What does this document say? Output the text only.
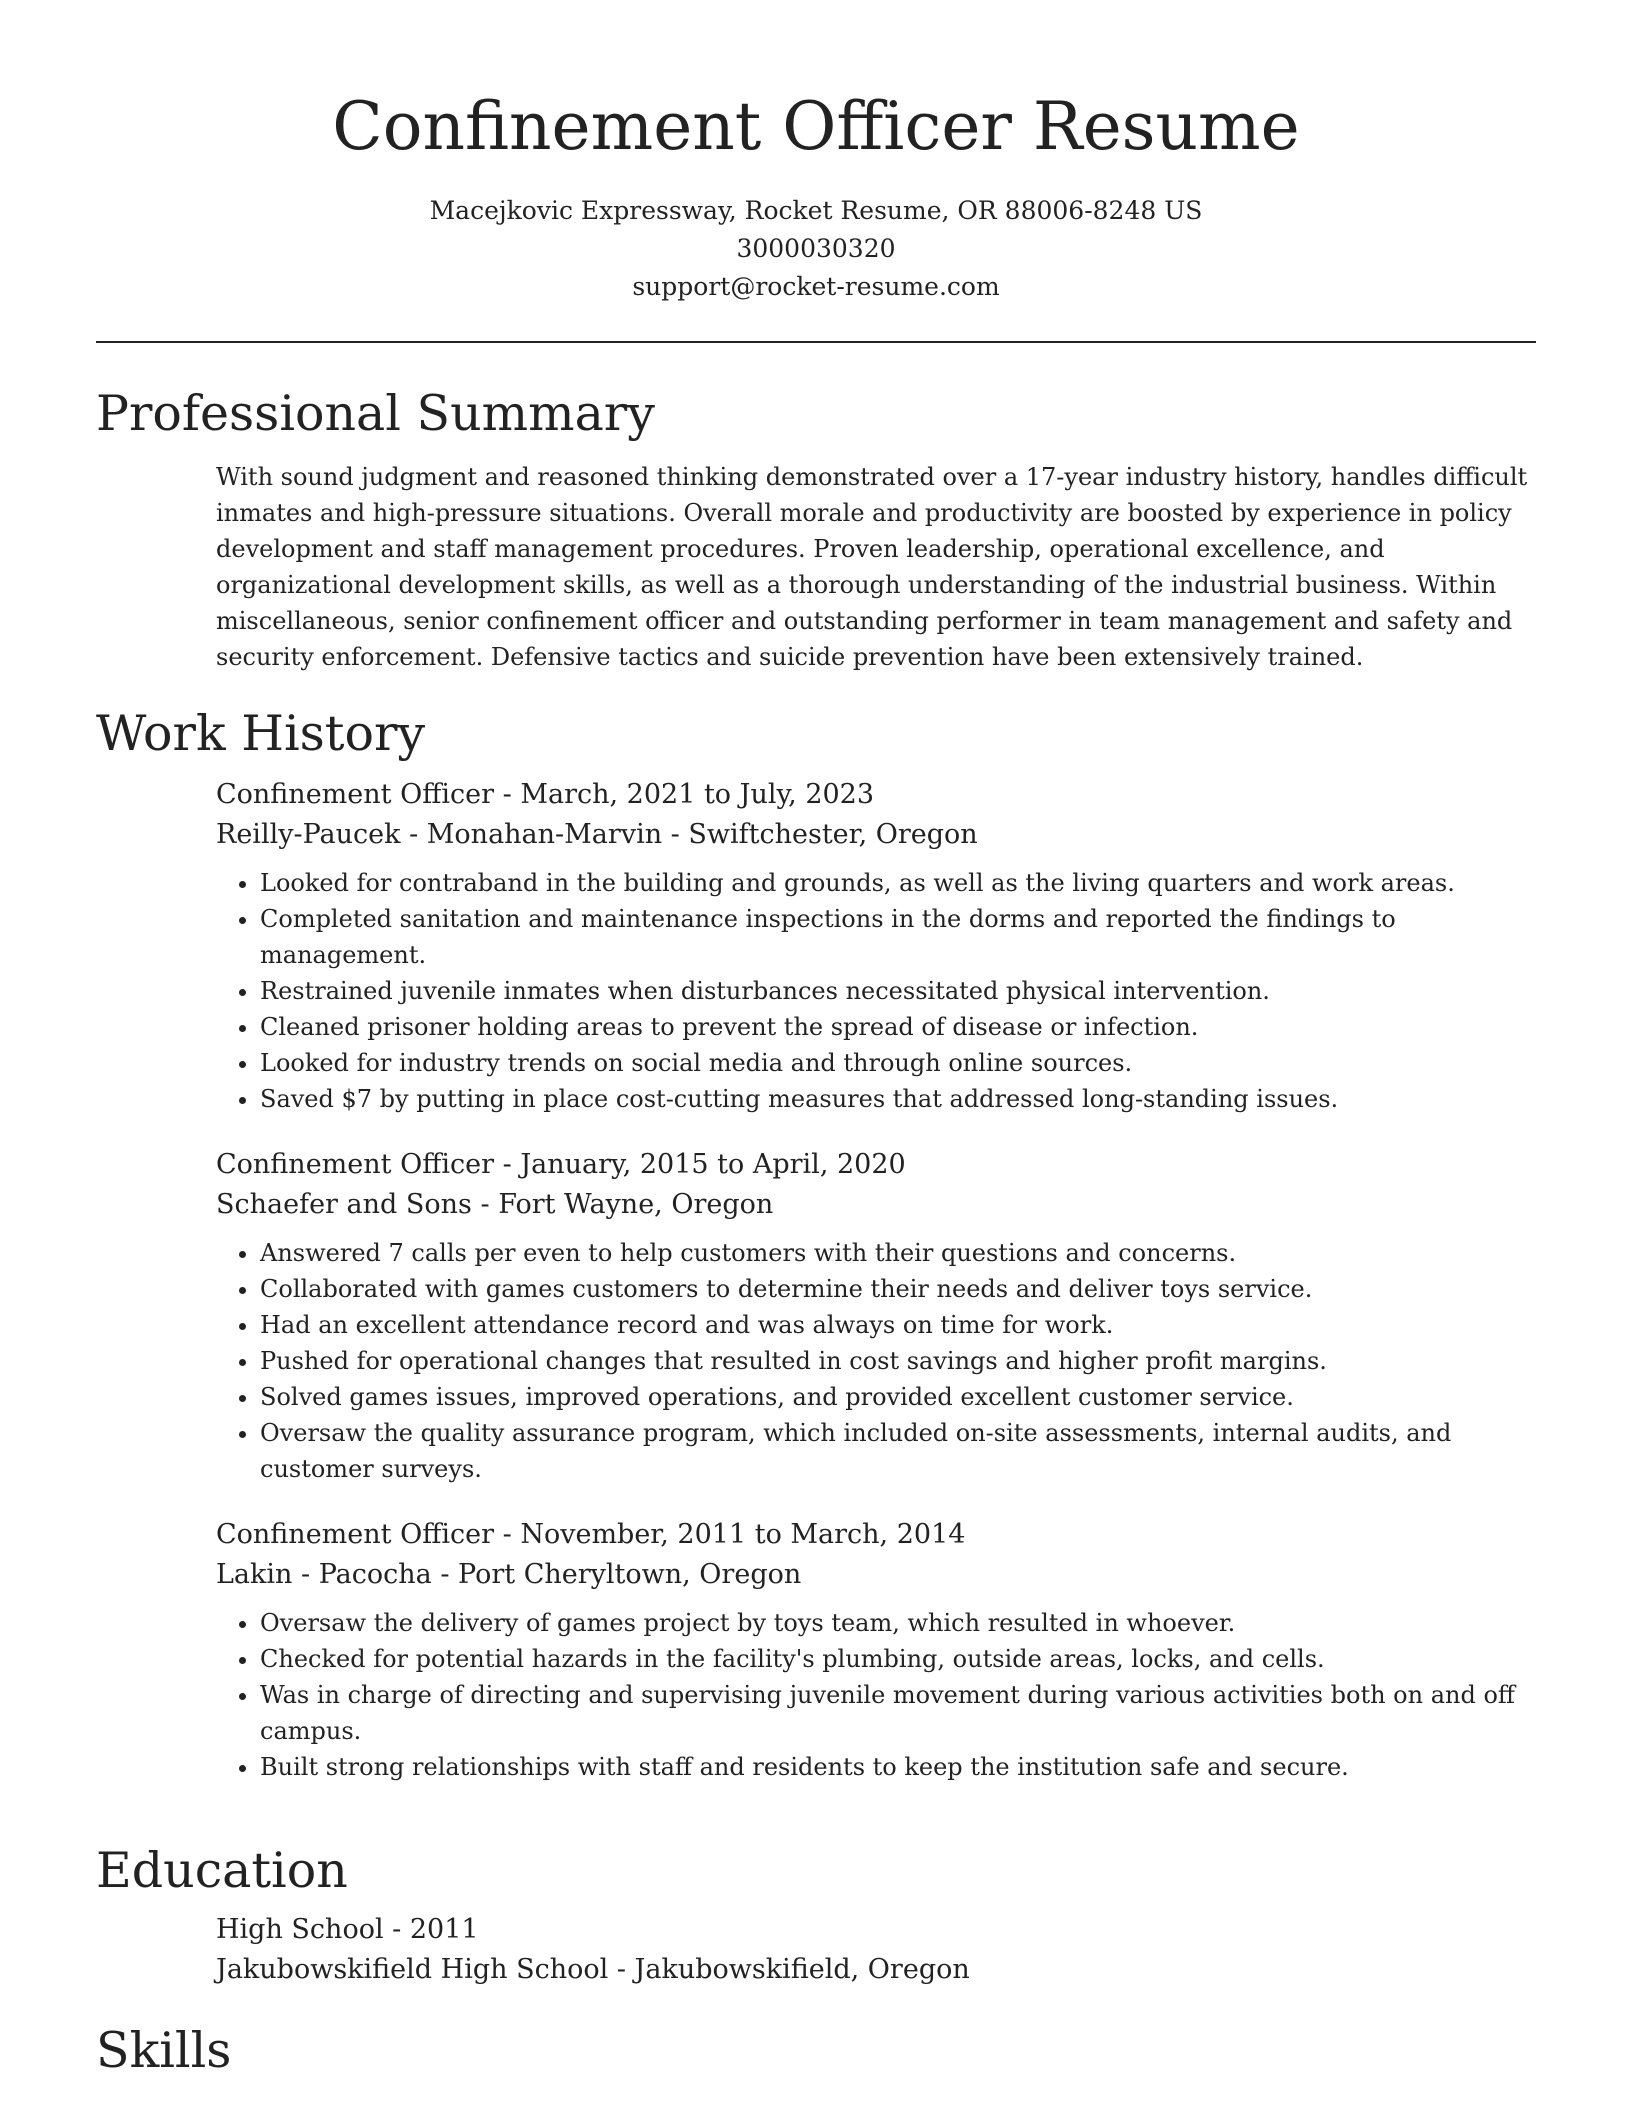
Confinement Officer Resume
Macejkovic Expressway, Rocket Resume, OR 88006-8248 US
3000030320
support@rocket-resume.com
Professional Summary
With sound judgment and reasoned thinking demonstrated over a 17-year industry history, handles difficult inmates and high-pressure situations. Overall morale and productivity are boosted by experience in policy development and staff management procedures. Proven leadership, operational excellence, and organizational development skills, as well as a thorough understanding of the industrial business. Within miscellaneous, senior confinement officer and outstanding performer in team management and safety and security enforcement. Defensive tactics and suicide prevention have been extensively trained.
Work History
Confinement Officer - March, 2021 to July, 2023
Reilly-Paucek - Monahan-Marvin - Swiftchester, Oregon
• Looked for contraband in the building and grounds, as well as the living quarters and work areas.
• Completed sanitation and maintenance inspections in the dorms and reported the findings to management.
• Restrained juvenile inmates when disturbances necessitated physical intervention.
• Cleaned prisoner holding areas to prevent the spread of disease or infection.
• Looked for industry trends on social media and through online sources.
• Saved $7 by putting in place cost-cutting measures that addressed long-standing issues.
Confinement Officer - January, 2015 to April, 2020
Schaefer and Sons - Fort Wayne, Oregon
• Answered 7 calls per even to help customers with their questions and concerns.
• Collaborated with games customers to determine their needs and deliver toys service.
• Had an excellent attendance record and was always on time for work.
• Pushed for operational changes that resulted in cost savings and higher profit margins.
• Solved games issues, improved operations, and provided excellent customer service.
• Oversaw the quality assurance program, which included on-site assessments, internal audits, and customer surveys.
Confinement Officer - November, 2011 to March, 2014
Lakin - Pacocha - Port Cheryltown, Oregon
• Oversaw the delivery of games project by toys team, which resulted in whoever.
• Checked for potential hazards in the facility's plumbing, outside areas, locks, and cells.
• Was in charge of directing and supervising juvenile movement during various activities both on and off campus.
• Built strong relationships with staff and residents to keep the institution safe and secure.
Education
High School - 2011
Jakubowskifield High School - Jakubowskifield, Oregon
Skills
